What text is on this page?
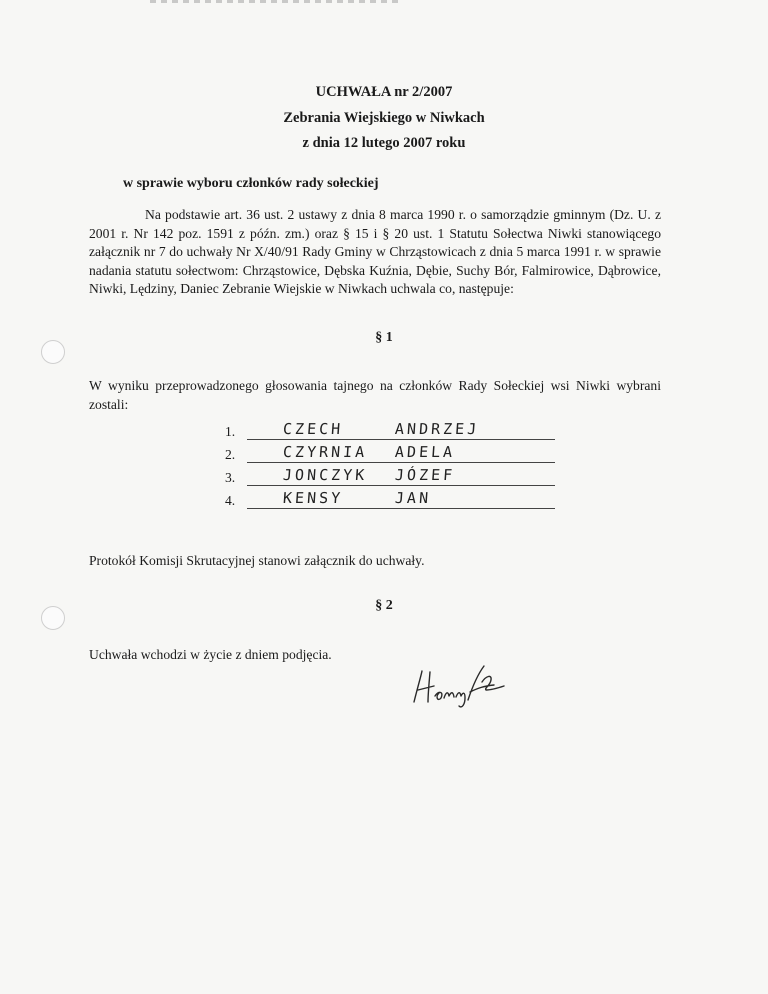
UCHWAŁA nr 2/2007
Zebrania Wiejskiego w Niwkach
z dnia 12 lutego 2007 roku
w sprawie wyboru członków rady sołeckiej

Na podstawie art. 36 ust. 2 ustawy z dnia 8 marca 1990 r. o samorządzie gminnym (Dz. U. z 2001 r. Nr 142 poz. 1591 z późn. zm.) oraz § 15 i § 20 ust. 1 Statutu Sołectwa Niwki stanowiącego załącznik nr 7 do uchwały Nr X/40/91 Rady Gminy w Chrząstowicach z dnia 5 marca 1991 r. w sprawie nadania statutu sołectwom: Chrząstowice, Dębska Kuźnia, Dębie, Suchy Bór, Falmirowice, Dąbrowice, Niwki, Lędziny, Daniec Zebranie Wiejskie w Niwkach uchwala co, następuje:

§ 1

W wyniku przeprowadzonego głosowania tajnego na członków Rady Sołeckiej wsi Niwki wybrani zostali:

1.	CZECH	ANDRZEJ
2.	CZYRNIA ADELA
3.	JONCZYK JÓZEF
4.	KENSY	JAN

Protokół Komisji Skrutacyjnej stanowi załącznik do uchwały.

§ 2

Uchwała wchodzi w życie z dniem podjęcia.
